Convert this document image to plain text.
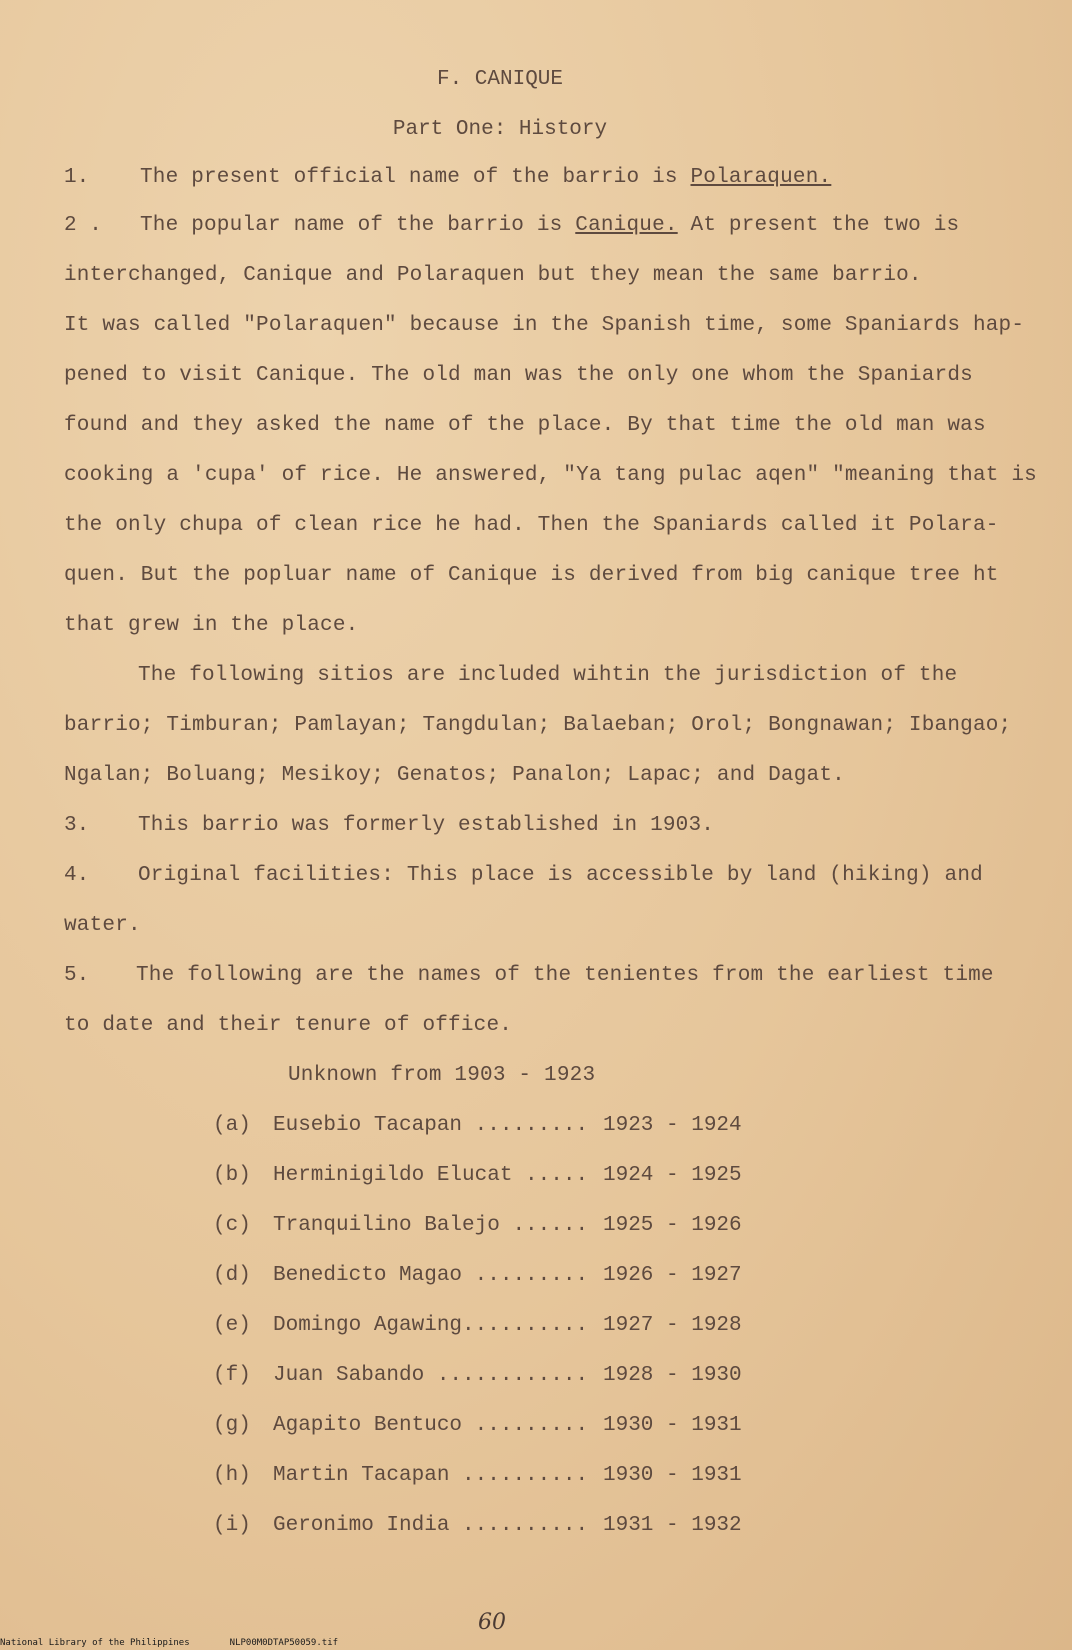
F. CANIQUE
Part One: History
1. The present official name of the barrio is Polaraquen.
2 . The popular name of the barrio is Canique. At present the two is
interchanged, Canique and Polaraquen but they mean the same barrio.
It was called "Polaraquen" because in the Spanish time, some Spaniards hap-
pened to visit Canique. The old man was the only one whom the Spaniards
found and they asked the name of the place. By that time the old man was
cooking a 'cupa' of rice. He answered, "Ya tang pulac aqen" "meaning that is
the only chupa of clean rice he had. Then the Spaniards called it Polara-
quen. But the popluar name of Canique is derived from big canique tree ht
that grew in the place.
The following sitios are included wihtin the jurisdiction of the
barrio; Timburan; Pamlayan; Tangdulan; Balaeban; Orol; Bongnawan; Ibangao;
Ngalan; Boluang; Mesikoy; Genatos; Panalon; Lapac; and Dagat.
3. This barrio was formerly established in 1903.
4. Original facilities: This place is accessible by land (hiking) and
water.
5. The following are the names of the tenientes from the earliest time
to date and their tenure of office.
Unknown from 1903 - 1923
(a) Eusebio Tacapan ......... 1923 - 1924
(b) Herminigildo Elucat ..... 1924 - 1925
(c) Tranquilino Balejo ...... 1925 - 1926
(d) Benedicto Magao ......... 1926 - 1927
(e) Domingo Agawing.......... 1927 - 1928
(f) Juan Sabando ............ 1928 - 1930
(g) Agapito Bentuco ......... 1930 - 1931
(h) Martin Tacapan .......... 1930 - 1931
(i) Geronimo India .......... 1931 - 1932
60
National Library of the Philippines	NLP00M0DTAP50059.tif
